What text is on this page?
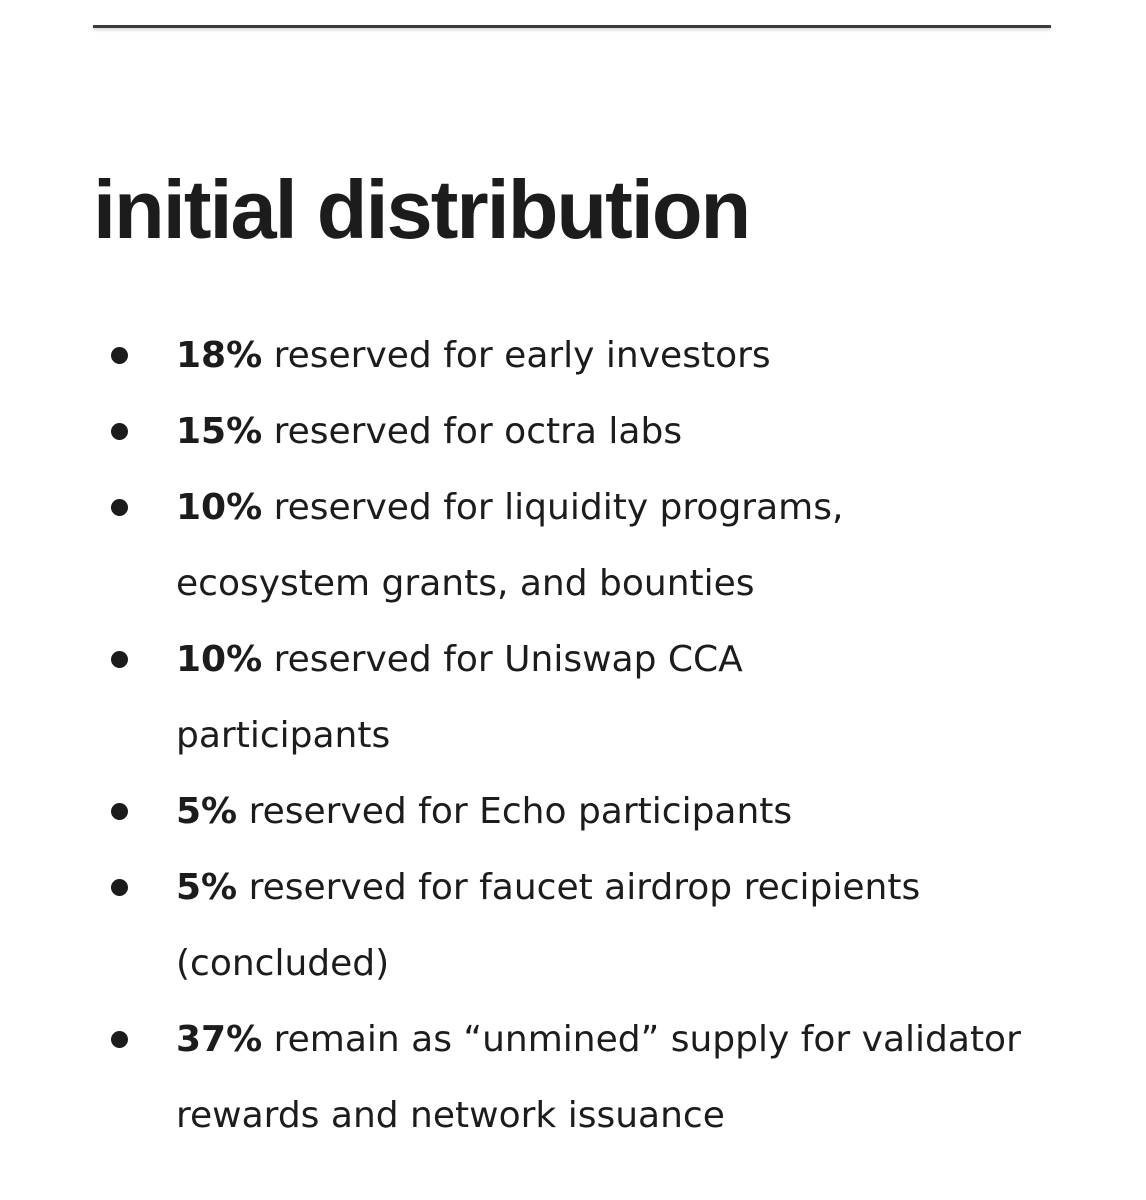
initial distribution
18% reserved for early investors
15% reserved for octra labs
10% reserved for liquidity programs, ecosystem grants, and bounties
10% reserved for Uniswap CCA participants
5% reserved for Echo participants
5% reserved for faucet airdrop recipients (concluded)
37% remain as “unmined” supply for validator rewards and network issuance
